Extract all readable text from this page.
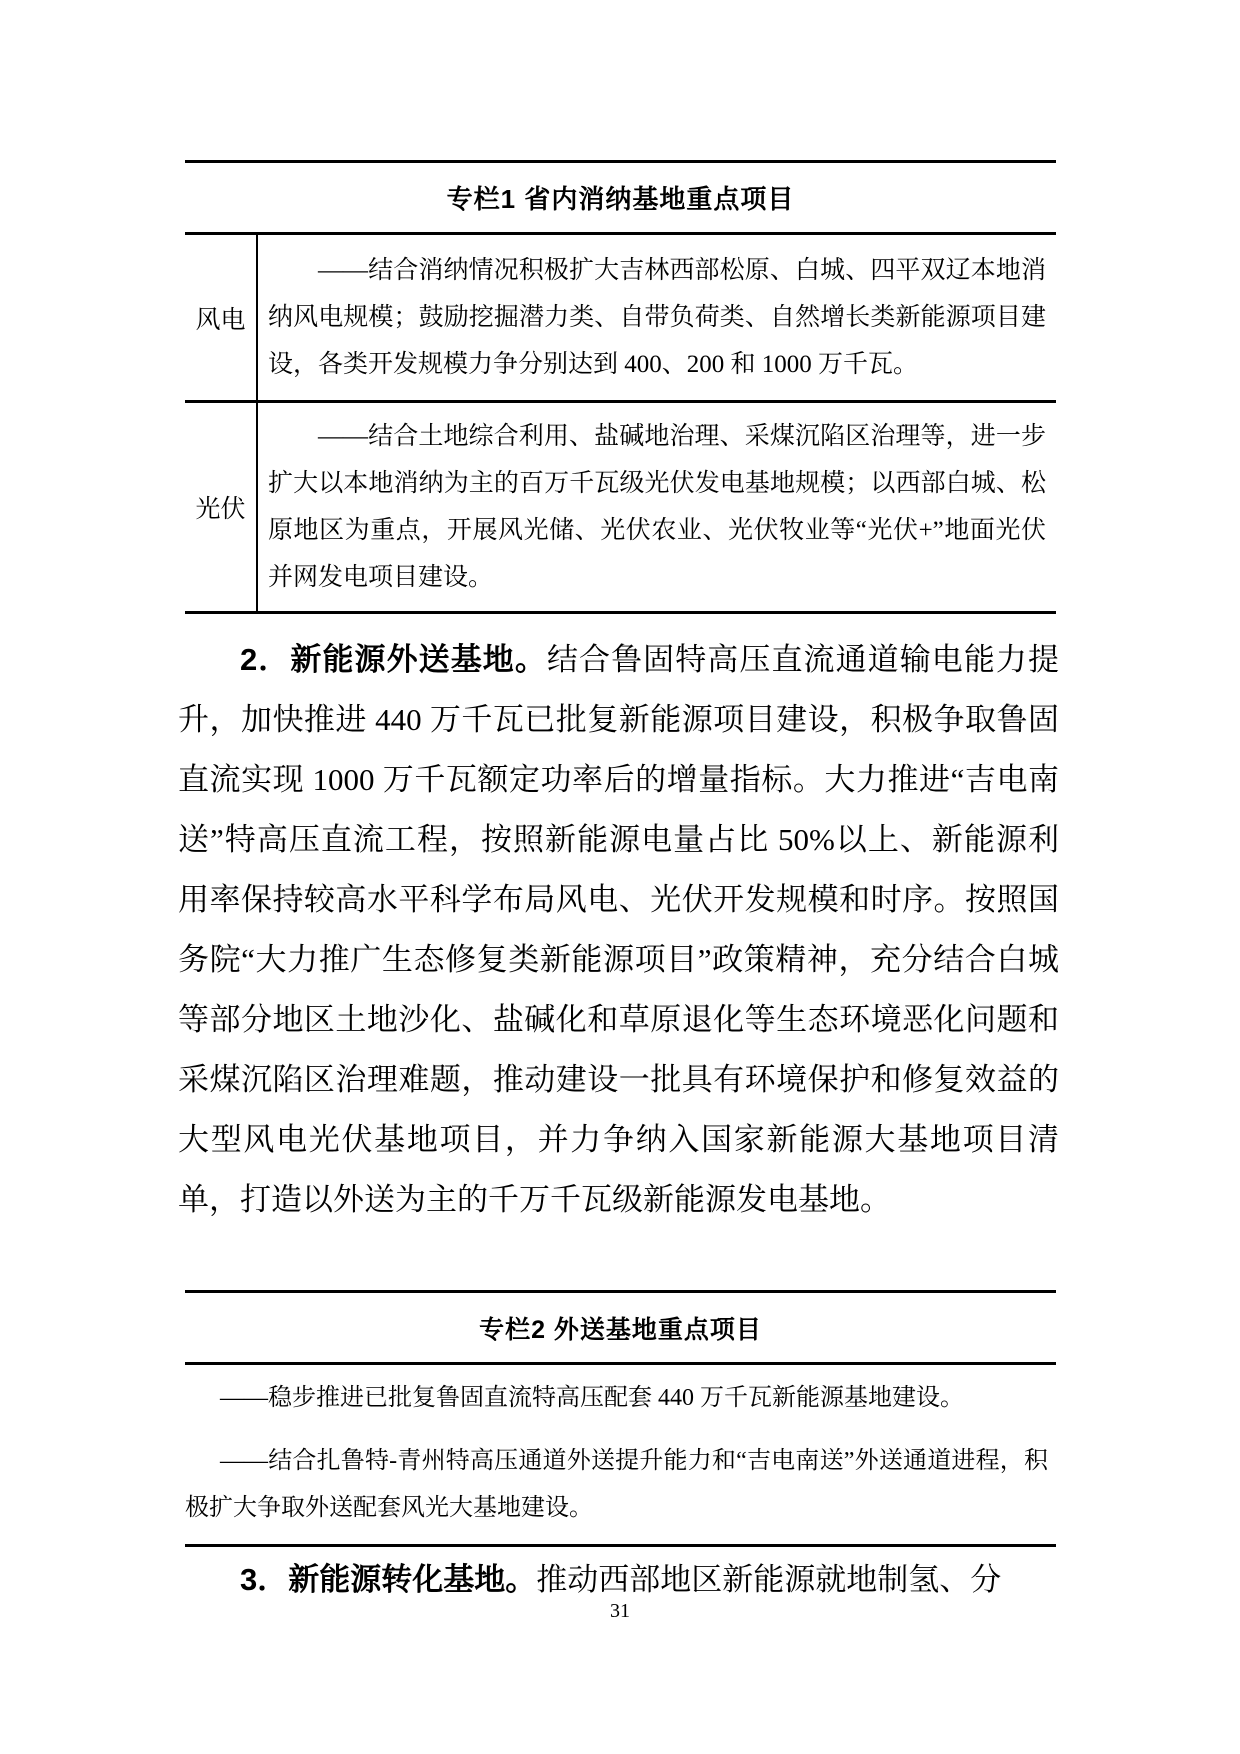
专栏1 省内消纳基地重点项目
风电
——结合消纳情况积极扩大吉林西部松原、白城、四平双辽本地消纳风电规模；鼓励挖掘潜力类、自带负荷类、自然增长类新能源项目建设，各类开发规模力争分别达到 400、200 和 1000 万千瓦。
光伏
——结合土地综合利用、盐碱地治理、采煤沉陷区治理等，进一步扩大以本地消纳为主的百万千瓦级光伏发电基地规模；以西部白城、松原地区为重点，开展风光储、光伏农业、光伏牧业等“光伏+”地面光伏并网发电项目建设。

2．新能源外送基地。结合鲁固特高压直流通道输电能力提升，加快推进 440 万千瓦已批复新能源项目建设，积极争取鲁固直流实现 1000 万千瓦额定功率后的增量指标。大力推进“吉电南送”特高压直流工程，按照新能源电量占比 50%以上、新能源利用率保持较高水平科学布局风电、光伏开发规模和时序。按照国务院“大力推广生态修复类新能源项目”政策精神，充分结合白城等部分地区土地沙化、盐碱化和草原退化等生态环境恶化问题和采煤沉陷区治理难题，推动建设一批具有环境保护和修复效益的大型风电光伏基地项目，并力争纳入国家新能源大基地项目清单，打造以外送为主的千万千瓦级新能源发电基地。

专栏2 外送基地重点项目

——稳步推进已批复鲁固直流特高压配套 440 万千瓦新能源基地建设。

——结合扎鲁特-青州特高压通道外送提升能力和“吉电南送”外送通道进程，积极扩大争取外送配套风光大基地建设。

3．新能源转化基地。推动西部地区新能源就地制氢、分

31
